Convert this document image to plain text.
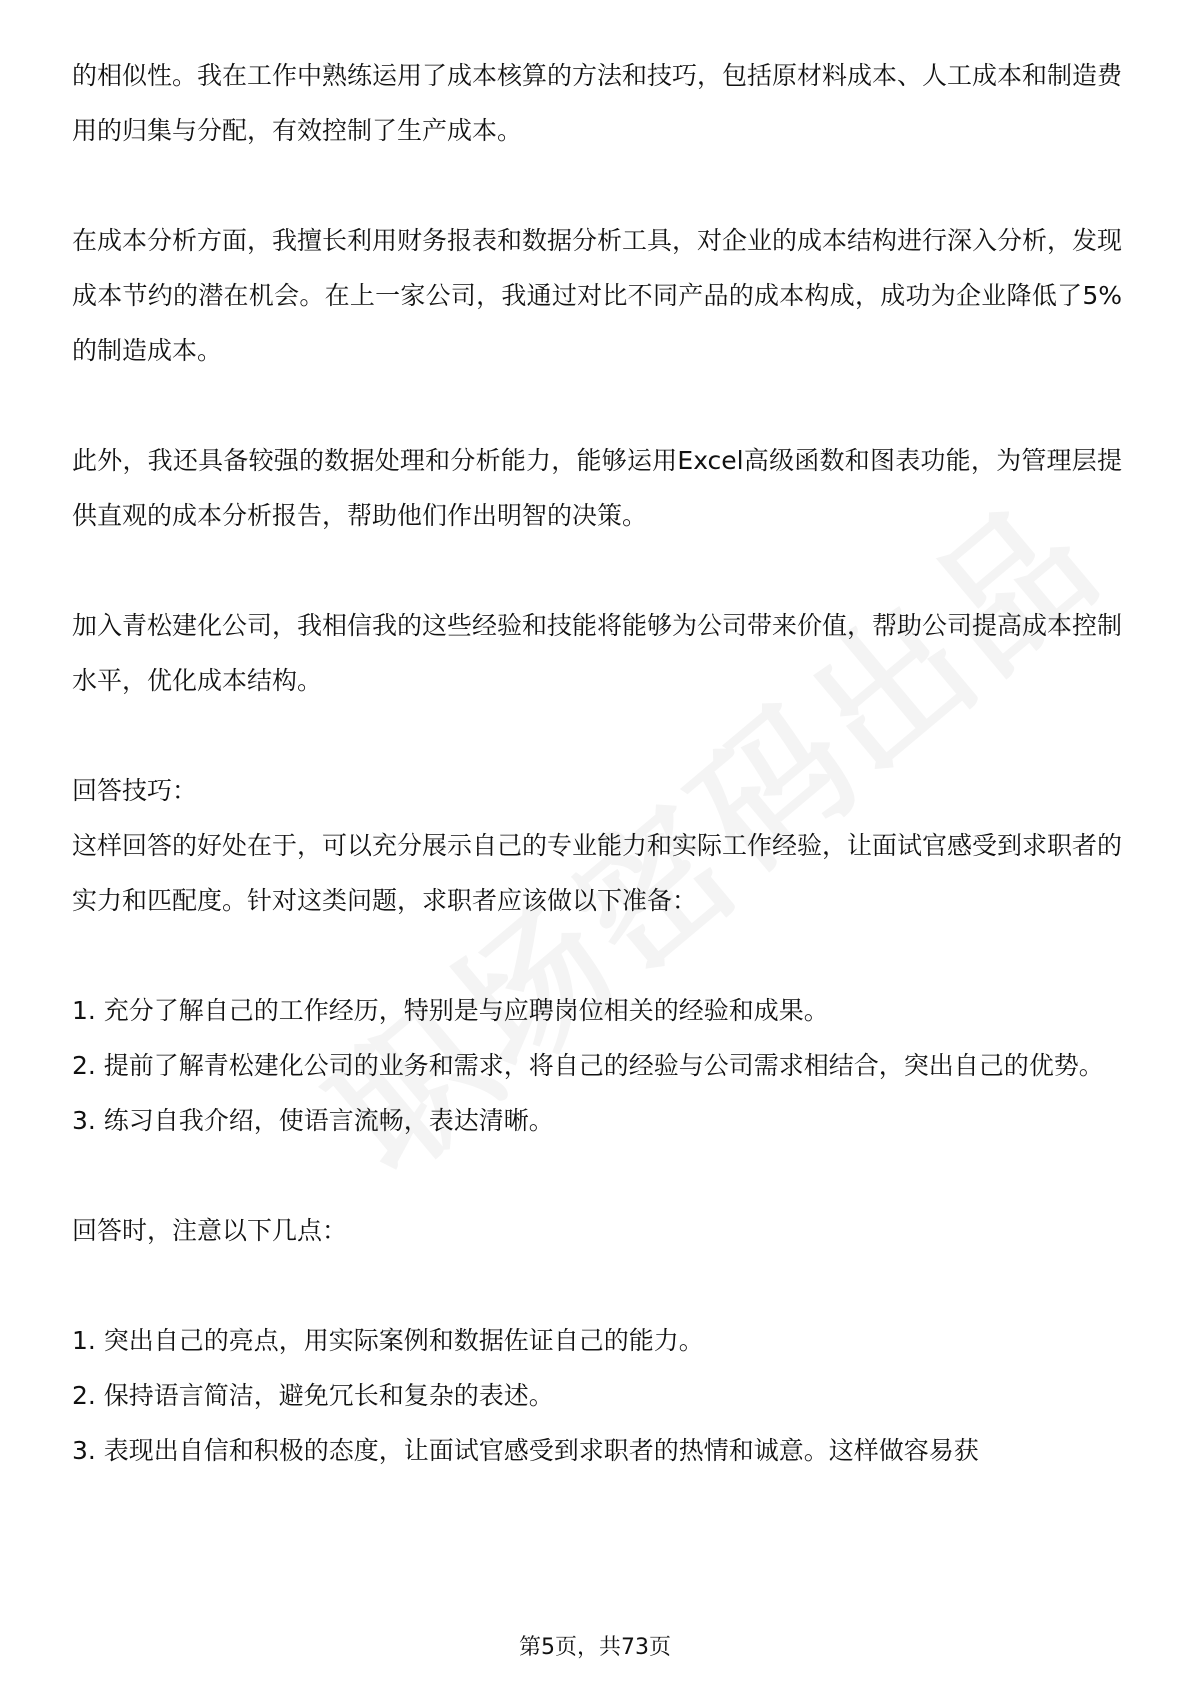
的相似性。我在工作中熟练运用了成本核算的方法和技巧，包括原材料成本、人工成本和制造费用的归集与分配，有效控制了生产成本。

在成本分析方面，我擅长利用财务报表和数据分析工具，对企业的成本结构进行深入分析，发现成本节约的潜在机会。在上一家公司，我通过对比不同产品的成本构成，成功为企业降低了5%的制造成本。

此外，我还具备较强的数据处理和分析能力，能够运用Excel高级函数和图表功能，为管理层提供直观的成本分析报告，帮助他们作出明智的决策。

加入青松建化公司，我相信我的这些经验和技能将能够为公司带来价值，帮助公司提高成本控制水平，优化成本结构。

回答技巧：

这样回答的好处在于，可以充分展示自己的专业能力和实际工作经验，让面试官感受到求职者的实力和匹配度。针对这类问题，求职者应该做以下准备：

1. 充分了解自己的工作经历，特别是与应聘岗位相关的经验和成果。

2. 提前了解青松建化公司的业务和需求，将自己的经验与公司需求相结合，突出自己的优势。

3. 练习自我介绍，使语言流畅，表达清晰。

回答时，注意以下几点：

1. 突出自己的亮点，用实际案例和数据佐证自己的能力。

2. 保持语言简洁，避免冗长和复杂的表述。

3. 表现出自信和积极的态度，让面试官感受到求职者的热情和诚意。这样做容易获

第5页，共73页
